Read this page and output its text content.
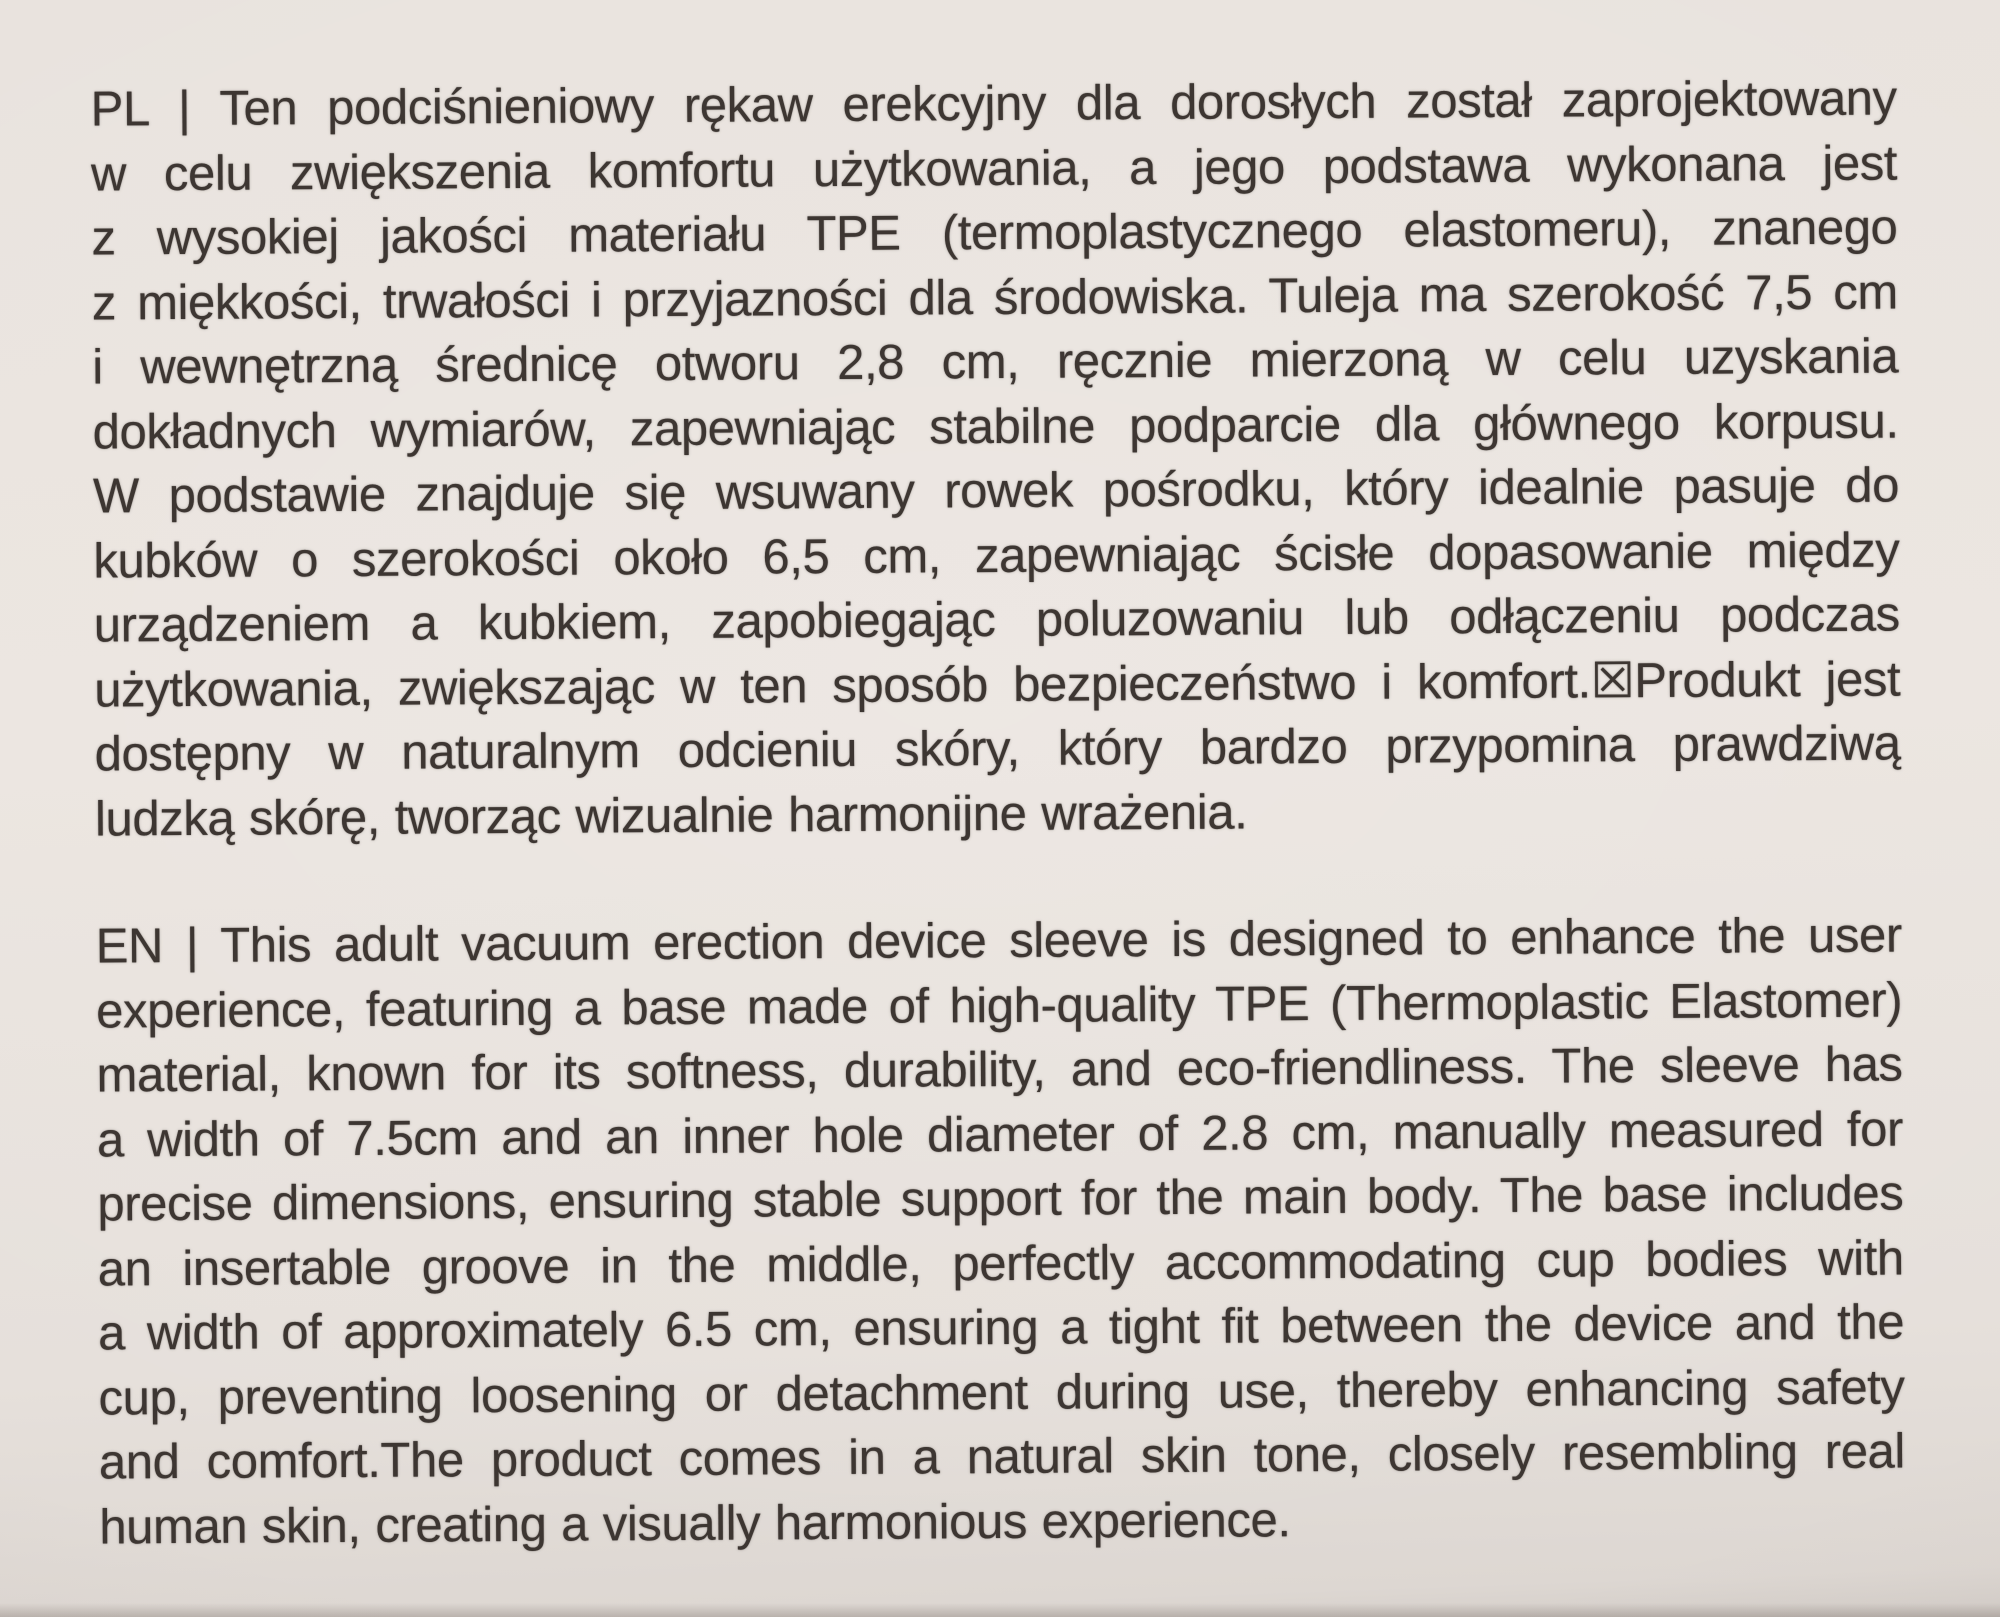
PL | Ten podciśnieniowy rękaw erekcyjny dla dorosłych został zaprojektowany
w celu zwiększenia komfortu użytkowania, a jego podstawa wykonana jest
z wysokiej jakości materiału TPE (termoplastycznego elastomeru), znanego
z miękkości, trwałości i przyjazności dla środowiska. Tuleja ma szerokość 7,5 cm
i wewnętrzną średnicę otworu 2,8 cm, ręcznie mierzoną w celu uzyskania
dokładnych wymiarów, zapewniając stabilne podparcie dla głównego korpusu.
W podstawie znajduje się wsuwany rowek pośrodku, który idealnie pasuje do
kubków o szerokości około 6,5 cm, zapewniając ścisłe dopasowanie między
urządzeniem a kubkiem, zapobiegając poluzowaniu lub odłączeniu podczas
użytkowania, zwiększając w ten sposób bezpieczeństwo i komfort.☒Produkt jest
dostępny w naturalnym odcieniu skóry, który bardzo przypomina prawdziwą
ludzką skórę, tworząc wizualnie harmonijne wrażenia.

EN | This adult vacuum erection device sleeve is designed to enhance the user
experience, featuring a base made of high-quality TPE (Thermoplastic Elastomer)
material, known for its softness, durability, and eco-friendliness. The sleeve has
a width of 7.5cm and an inner hole diameter of 2.8 cm, manually measured for
precise dimensions, ensuring stable support for the main body. The base includes
an insertable groove in the middle, perfectly accommodating cup bodies with
a width of approximately 6.5 cm, ensuring a tight fit between the device and the
cup, preventing loosening or detachment during use, thereby enhancing safety
and comfort.The product comes in a natural skin tone, closely resembling real
human skin, creating a visually harmonious experience.
